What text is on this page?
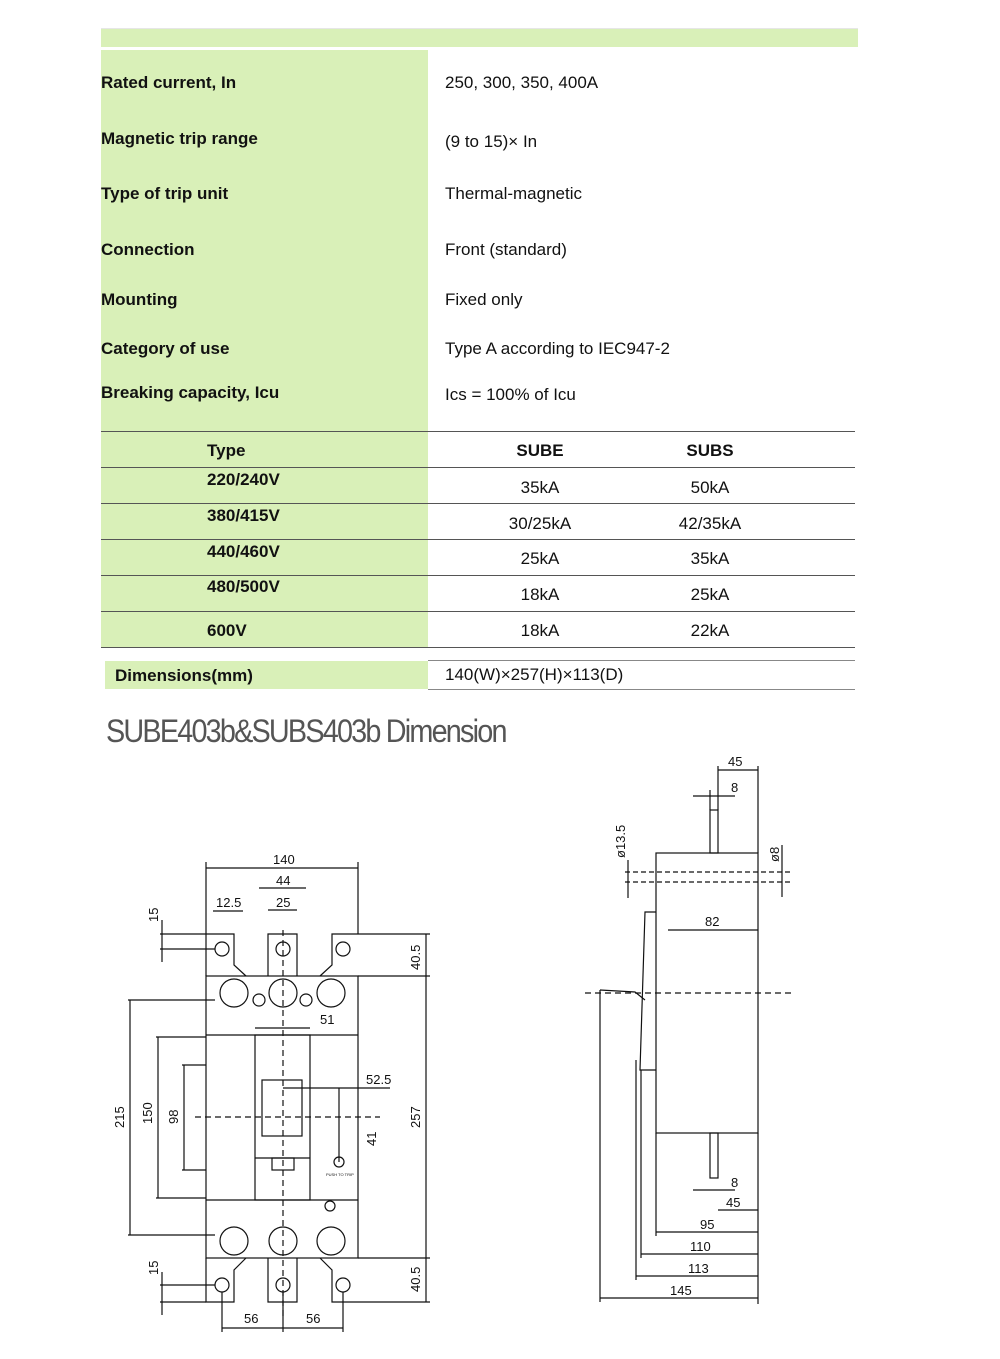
Rated current, In	250, 300, 350, 400A
Magnetic trip range	(9 to 15)× In
Type of trip unit	Thermal-magnetic
Connection	Front (standard)
Mounting	Fixed only
Category of use	Type A according to IEC947-2
Breaking capacity, Icu	Ics = 100% of Icu
Type	SUBE	SUBS
220/240V	35kA	50kA
380/415V	30/25kA	42/35kA
440/460V	25kA	35kA
480/500V	18kA	25kA
600V	18kA	22kA
Dimensions(mm)	140(W)×257(H)×113(D)
SUBE403b&SUBS403b Dimension
140
44
12.5	25
15
40.5
51
52.5
215 150 98
41
257
15	40.5
56	56
PUSH TO TRIP
45
8
ø13.5	ø8
82
8
45
95
110
113
145
